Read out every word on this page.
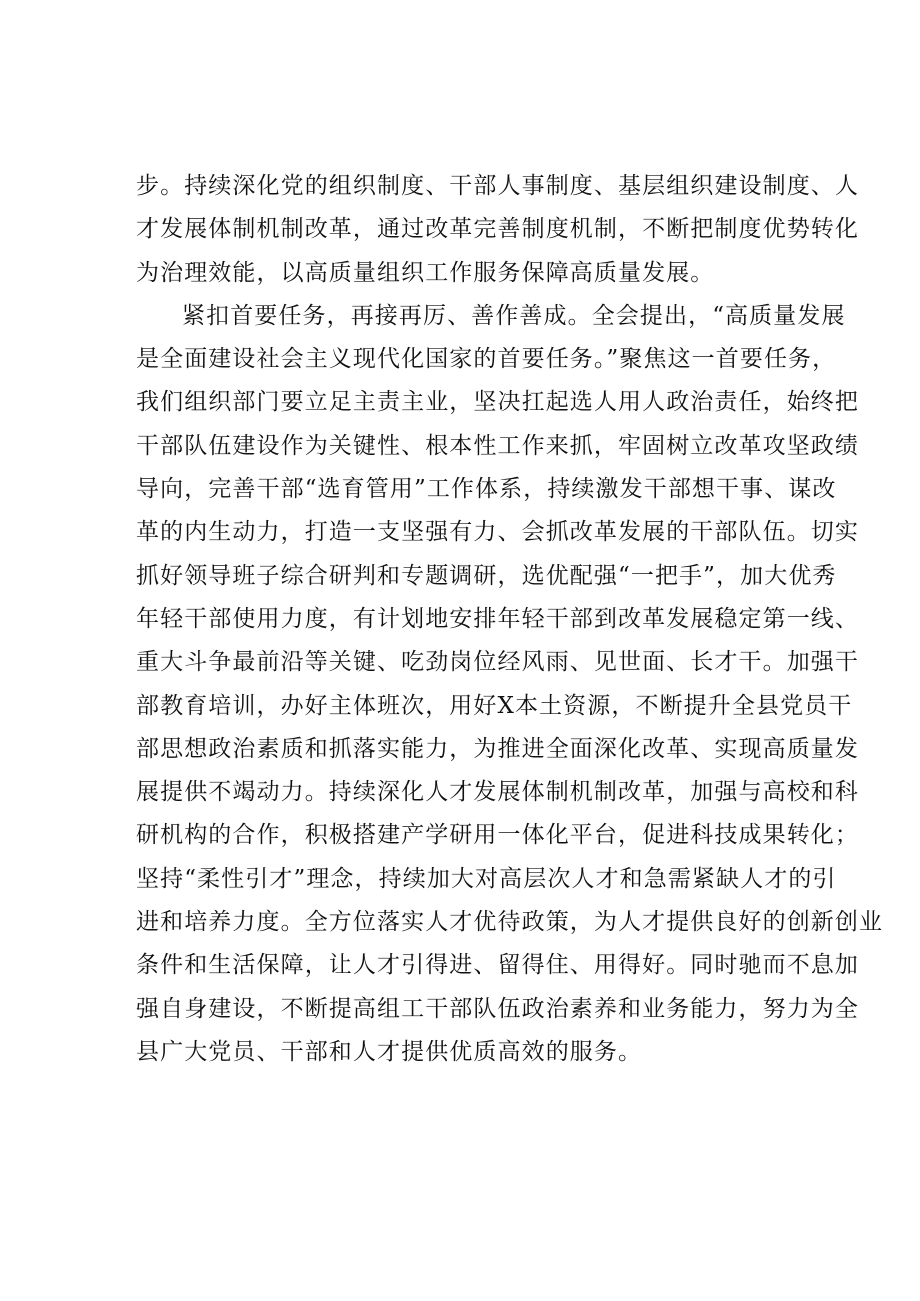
步。持续深化党的组织制度、干部人事制度、基层组织建设制度、人
才发展体制机制改革，通过改革完善制度机制，不断把制度优势转化
为治理效能，以高质量组织工作服务保障高质量发展。
紧扣首要任务，再接再厉、善作善成。全会提出，“高质量发展
是全面建设社会主义现代化国家的首要任务。”聚焦这一首要任务，
我们组织部门要立足主责主业，坚决扛起选人用人政治责任，始终把
干部队伍建设作为关键性、根本性工作来抓，牢固树立改革攻坚政绩
导向，完善干部“选育管用”工作体系，持续激发干部想干事、谋改
革的内生动力，打造一支坚强有力、会抓改革发展的干部队伍。切实
抓好领导班子综合研判和专题调研，选优配强“一把手”，加大优秀
年轻干部使用力度，有计划地安排年轻干部到改革发展稳定第一线、
重大斗争最前沿等关键、吃劲岗位经风雨、见世面、长才干。加强干
部教育培训，办好主体班次，用好X本土资源，不断提升全县党员干
部思想政治素质和抓落实能力，为推进全面深化改革、实现高质量发
展提供不竭动力。持续深化人才发展体制机制改革，加强与高校和科
研机构的合作，积极搭建产学研用一体化平台，促进科技成果转化；
坚持“柔性引才”理念，持续加大对高层次人才和急需紧缺人才的引
进和培养力度。全方位落实人才优待政策，为人才提供良好的创新创业
条件和生活保障，让人才引得进、留得住、用得好。同时驰而不息加
强自身建设，不断提高组工干部队伍政治素养和业务能力，努力为全
县广大党员、干部和人才提供优质高效的服务。
